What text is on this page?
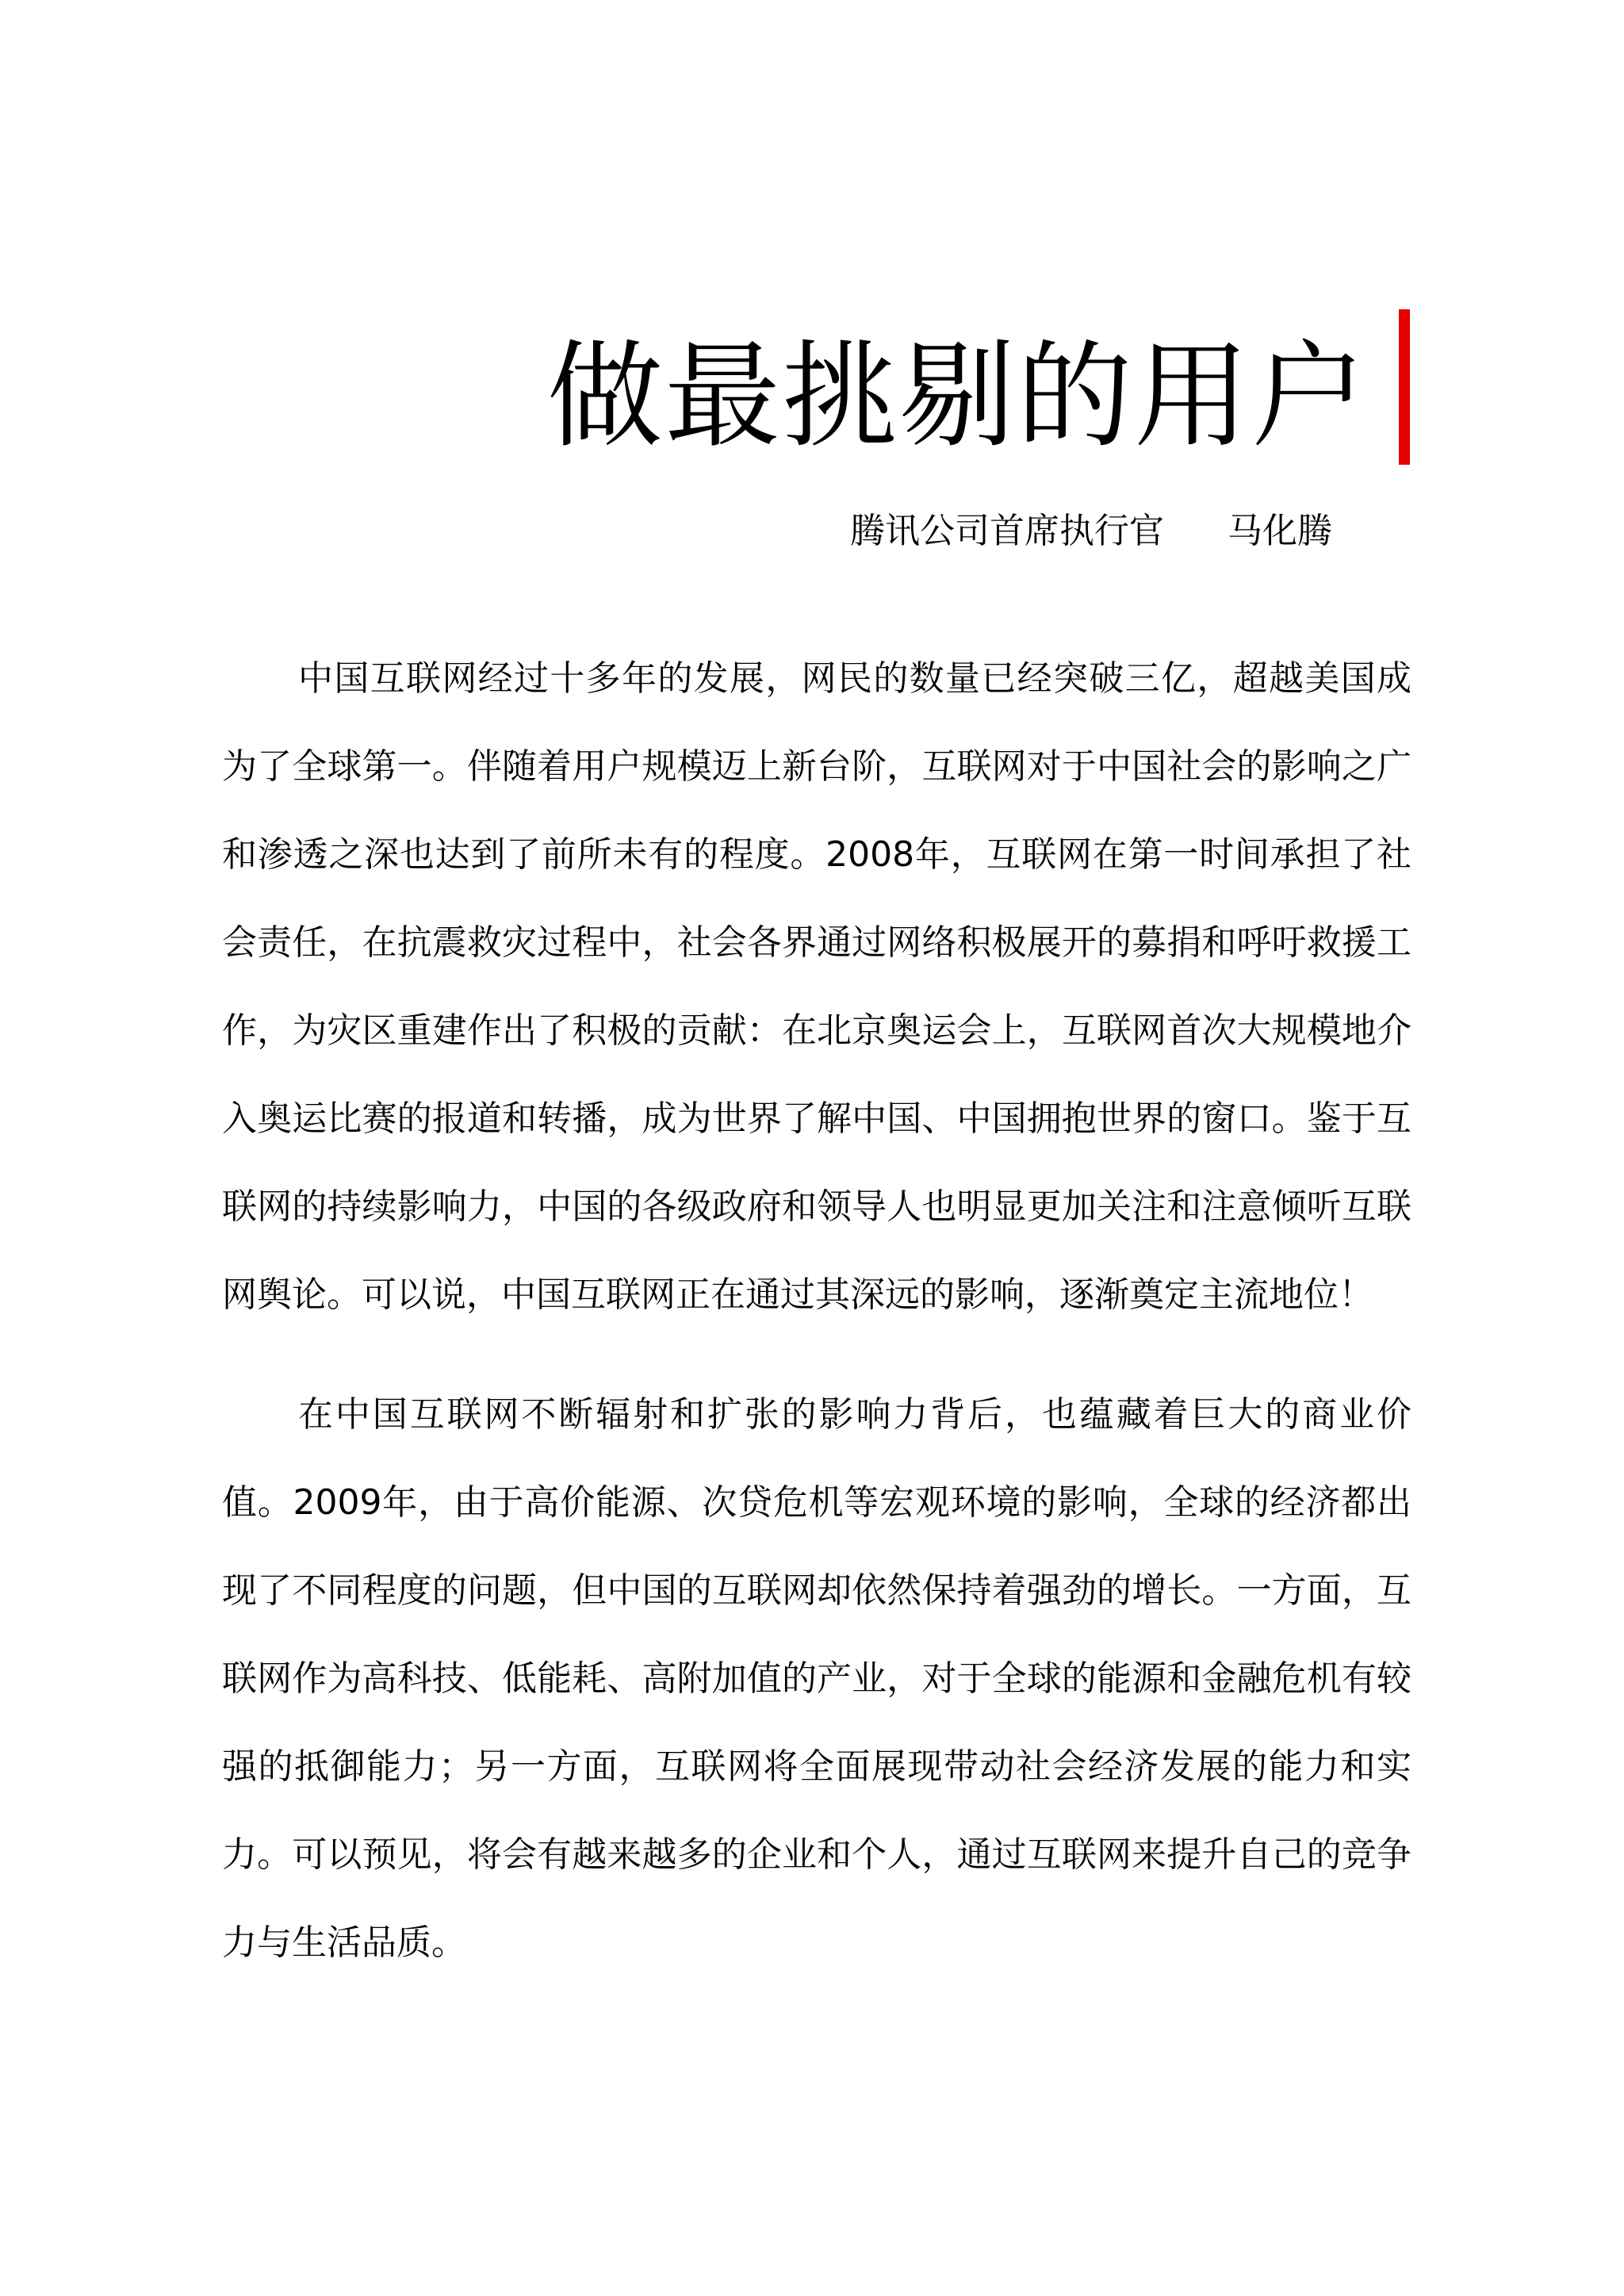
做最挑剔的用户
腾讯公司首席执行官 马化腾

中国互联网经过十多年的发展，网民的数量已经突破三亿，超越美国成为了全球第一。伴随着用户规模迈上新台阶，互联网对于中国社会的影响之广和渗透之深也达到了前所未有的程度。2008年，互联网在第一时间承担了社会责任，在抗震救灾过程中，社会各界通过网络积极展开的募捐和呼吁救援工作，为灾区重建作出了积极的贡献：在北京奥运会上，互联网首次大规模地介入奥运比赛的报道和转播，成为世界了解中国、中国拥抱世界的窗口。鉴于互联网的持续影响力，中国的各级政府和领导人也明显更加关注和注意倾听互联网舆论。可以说，中国互联网正在通过其深远的影响，逐渐奠定主流地位！

在中国互联网不断辐射和扩张的影响力背后，也蕴藏着巨大的商业价值。2009年，由于高价能源、次贷危机等宏观环境的影响，全球的经济都出现了不同程度的问题，但中国的互联网却依然保持着强劲的增长。一方面，互联网作为高科技、低能耗、高附加值的产业，对于全球的能源和金融危机有较强的抵御能力；另一方面，互联网将全面展现带动社会经济发展的能力和实力。可以预见，将会有越来越多的企业和个人，通过互联网来提升自己的竞争力与生活品质。
